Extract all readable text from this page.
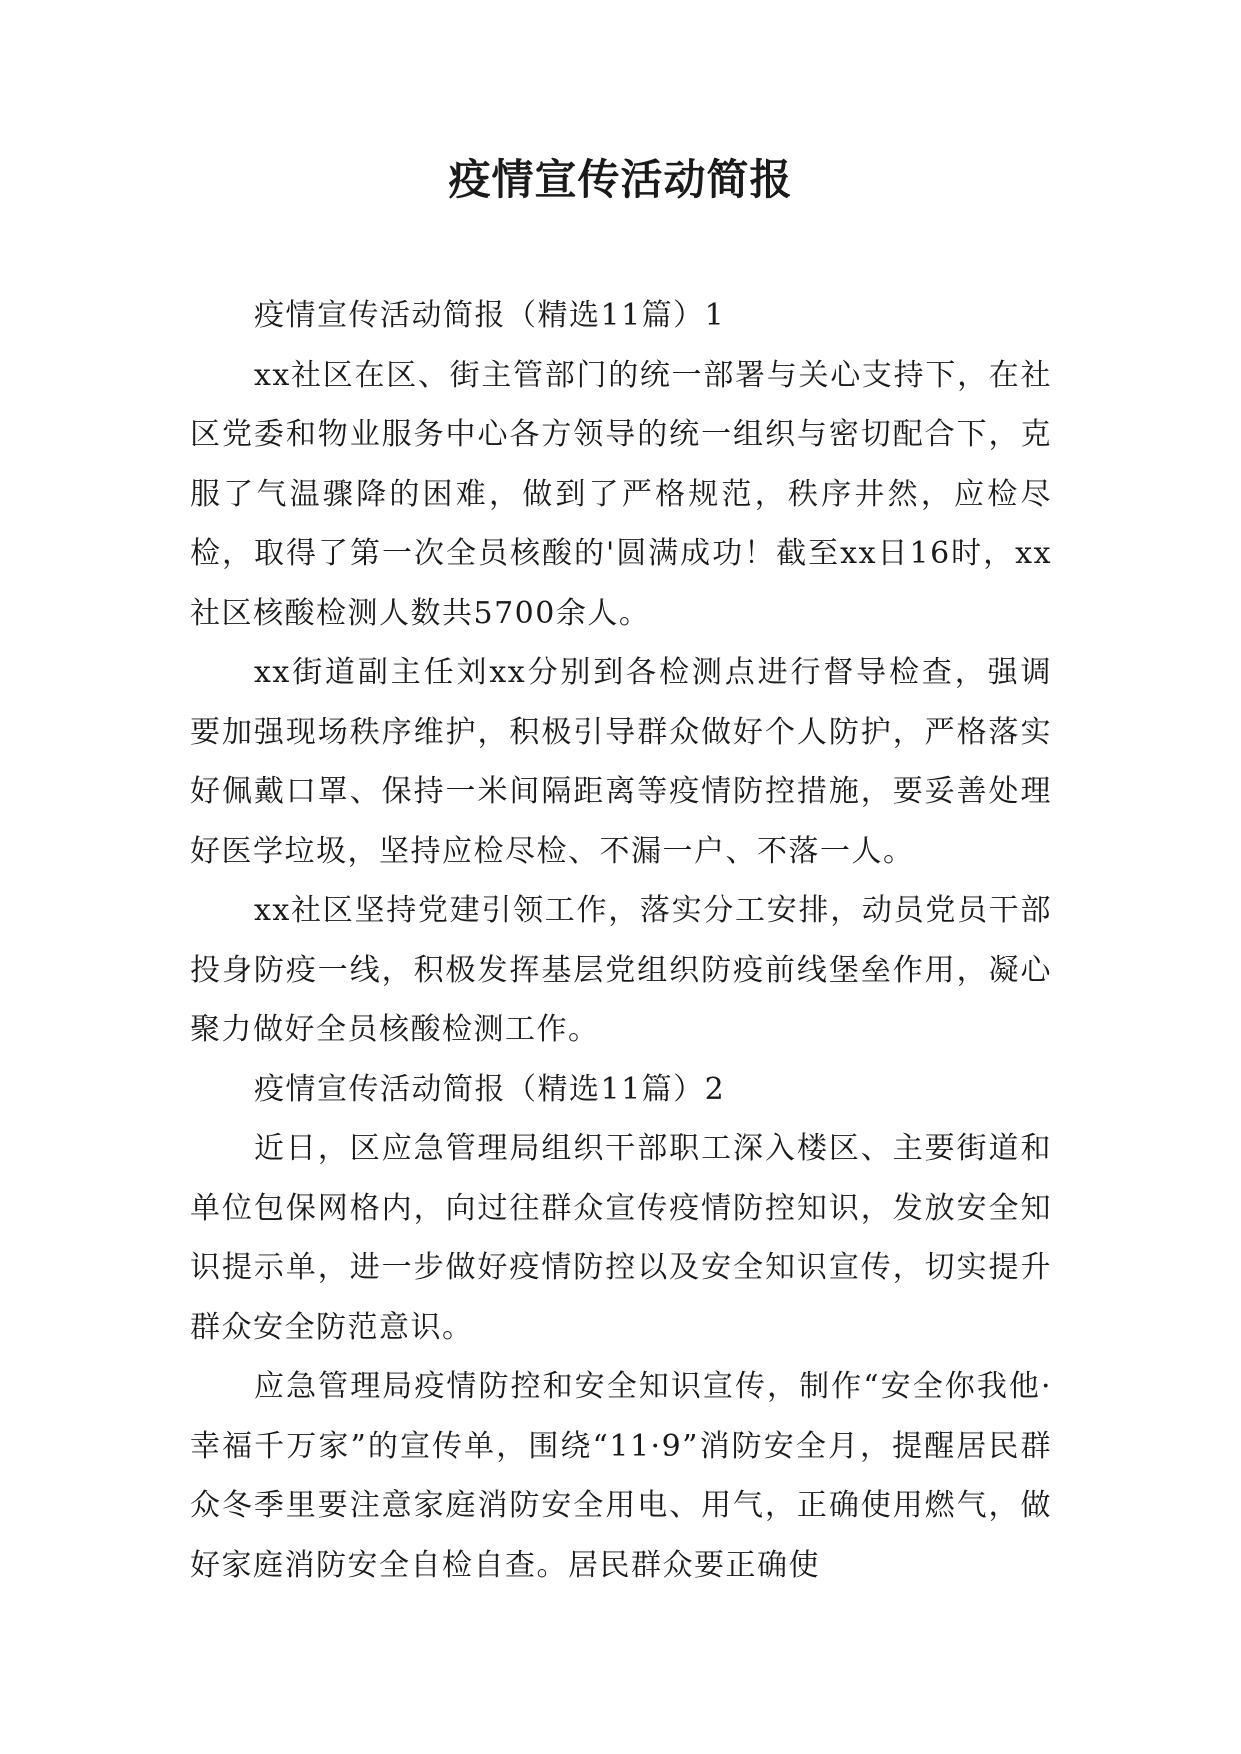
疫情宣传活动简报

疫情宣传活动简报（精选11篇）1

xx社区在区、街主管部门的统一部署与关心支持下，在社区党委和物业服务中心各方领导的统一组织与密切配合下，克服了气温骤降的困难，做到了严格规范，秩序井然，应检尽检，取得了第一次全员核酸的'圆满成功！截至xx日16时，xx社区核酸检测人数共5700余人。

xx街道副主任刘xx分别到各检测点进行督导检查，强调要加强现场秩序维护，积极引导群众做好个人防护，严格落实好佩戴口罩、保持一米间隔距离等疫情防控措施，要妥善处理好医学垃圾，坚持应检尽检、不漏一户、不落一人。

xx社区坚持党建引领工作，落实分工安排，动员党员干部投身防疫一线，积极发挥基层党组织防疫前线堡垒作用，凝心聚力做好全员核酸检测工作。

疫情宣传活动简报（精选11篇）2

近日，区应急管理局组织干部职工深入楼区、主要街道和单位包保网格内，向过往群众宣传疫情防控知识，发放安全知识提示单，进一步做好疫情防控以及安全知识宣传，切实提升群众安全防范意识。

应急管理局疫情防控和安全知识宣传，制作“安全你我他·幸福千万家”的宣传单，围绕“11·9”消防安全月，提醒居民群众冬季里要注意家庭消防安全用电、用气，正确使用燃气，做好家庭消防安全自检自查。居民群众要正确使
